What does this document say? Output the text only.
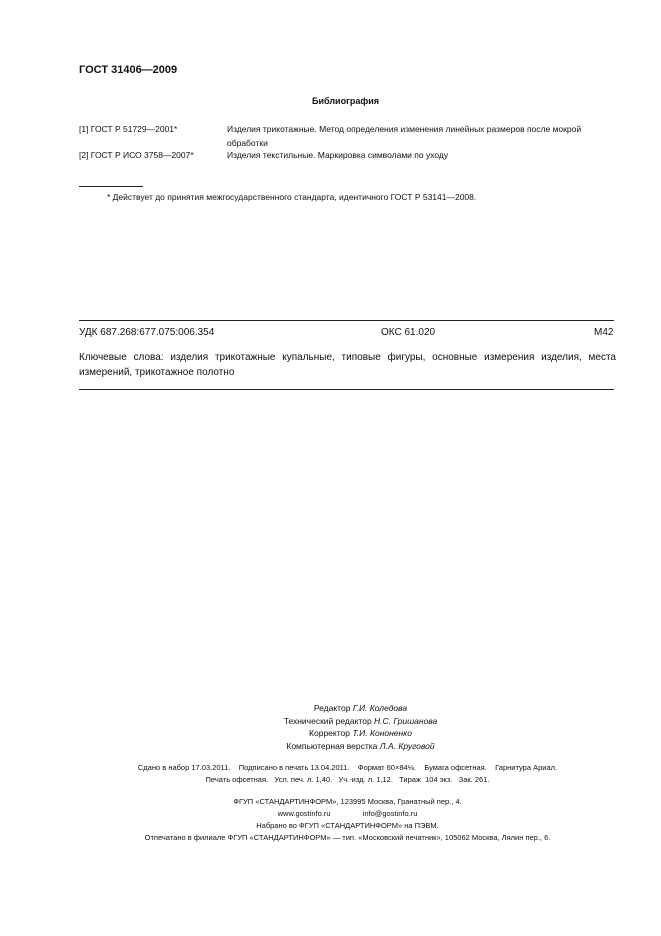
ГОСТ 31406—2009
Библиография
[1] ГОСТ Р 51729—2001*	Изделия трикотажные. Метод определения изменения линейных размеров после мокрой обработки
[2] ГОСТ Р ИСО 3758—2007*	Изделия текстильные. Маркировка символами по уходу
* Действует до принятия межгосударственного стандарта, идентичного ГОСТ Р 53141—2008.
УДК 687.268:677.075:006.354	ОКС 61.020	М42
Ключевые слова: изделия трикотажные купальные, типовые фигуры, основные измерения изделия, места измерений, трикотажное полотно
Редактор Г.И. Коледова
Технический редактор Н.С. Гришанова
Корректор Т.И. Кононенко
Компьютерная верстка Л.А. Круговой
Сдано в набор 17.03.2011.    Подписано в печать 13.04.2011.    Формат 60×84⅛.    Бумага офсетная.    Гарнитура Ариал.
Печать офсетная.   Усл. печ. л. 1,40.   Уч.-изд. л. 1,12.   Тираж  104 экз.   Зак. 261.
ФГУП «СТАНДАРТИНФОРМ», 123995 Москва, Гранатный пер., 4.
www.gostinfo.ru	info@gostinfo.ru
Набрано во ФГУП «СТАНДАРТИНФОРМ» на ПЭВМ.
Отпечатано в филиале ФГУП «СТАНДАРТИНФОРМ» — тип. «Московский печатник», 105062 Москва, Лялин пер., 6.
